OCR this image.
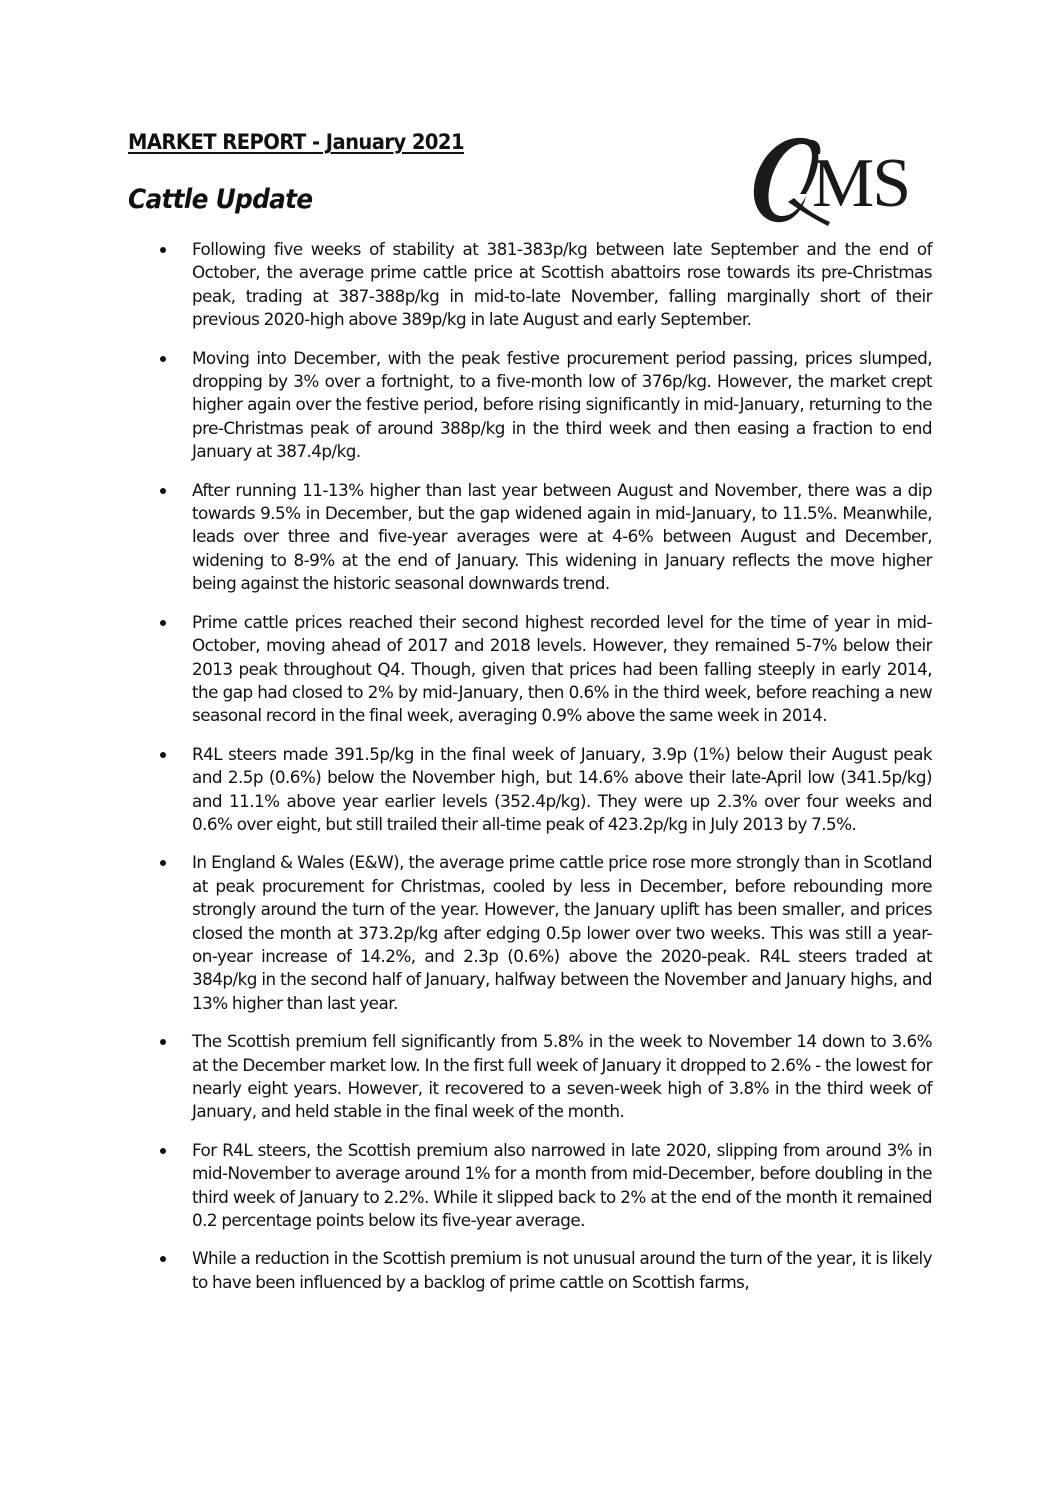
MARKET REPORT - January 2021
Cattle Update	MS
Following five weeks of stability at 381-383p/kg between late September and the end of October, the average prime cattle price at Scottish abattoirs rose towards its pre-Christmas peak, trading at 387-388p/kg in mid-to-late November, falling marginally short of their previous 2020-high above 389p/kg in late August and early September.
Moving into December, with the peak festive procurement period passing, prices slumped, dropping by 3% over a fortnight, to a five-month low of 376p/kg. However, the market crept higher again over the festive period, before rising significantly in mid-January, returning to the pre-Christmas peak of around 388p/kg in the third week and then easing a fraction to end January at 387.4p/kg.
After running 11-13% higher than last year between August and November, there was a dip towards 9.5% in December, but the gap widened again in mid-January, to 11.5%. Meanwhile, leads over three and five-year averages were at 4-6% between August and December, widening to 8-9% at the end of January. This widening in January reflects the move higher being against the historic seasonal downwards trend.
Prime cattle prices reached their second highest recorded level for the time of year in mid-October, moving ahead of 2017 and 2018 levels. However, they remained 5-7% below their 2013 peak throughout Q4. Though, given that prices had been falling steeply in early 2014, the gap had closed to 2% by mid-January, then 0.6% in the third week, before reaching a new seasonal record in the final week, averaging 0.9% above the same week in 2014.
R4L steers made 391.5p/kg in the final week of January, 3.9p (1%) below their August peak and 2.5p (0.6%) below the November high, but 14.6% above their late-April low (341.5p/kg) and 11.1% above year earlier levels (352.4p/kg). They were up 2.3% over four weeks and 0.6% over eight, but still trailed their all-time peak of 423.2p/kg in July 2013 by 7.5%.
In England & Wales (E&W), the average prime cattle price rose more strongly than in Scotland at peak procurement for Christmas, cooled by less in December, before rebounding more strongly around the turn of the year. However, the January uplift has been smaller, and prices closed the month at 373.2p/kg after edging 0.5p lower over two weeks. This was still a year-on-year increase of 14.2%, and 2.3p (0.6%) above the 2020-peak. R4L steers traded at 384p/kg in the second half of January, halfway between the November and January highs, and 13% higher than last year.
The Scottish premium fell significantly from 5.8% in the week to November 14 down to 3.6% at the December market low. In the first full week of January it dropped to 2.6% - the lowest for nearly eight years. However, it recovered to a seven-week high of 3.8% in the third week of January, and held stable in the final week of the month.
For R4L steers, the Scottish premium also narrowed in late 2020, slipping from around 3% in mid-November to average around 1% for a month from mid-December, before doubling in the third week of January to 2.2%. While it slipped back to 2% at the end of the month it remained 0.2 percentage points below its five-year average.
While a reduction in the Scottish premium is not unusual around the turn of the year, it is likely to have been influenced by a backlog of prime cattle on Scottish farms,
